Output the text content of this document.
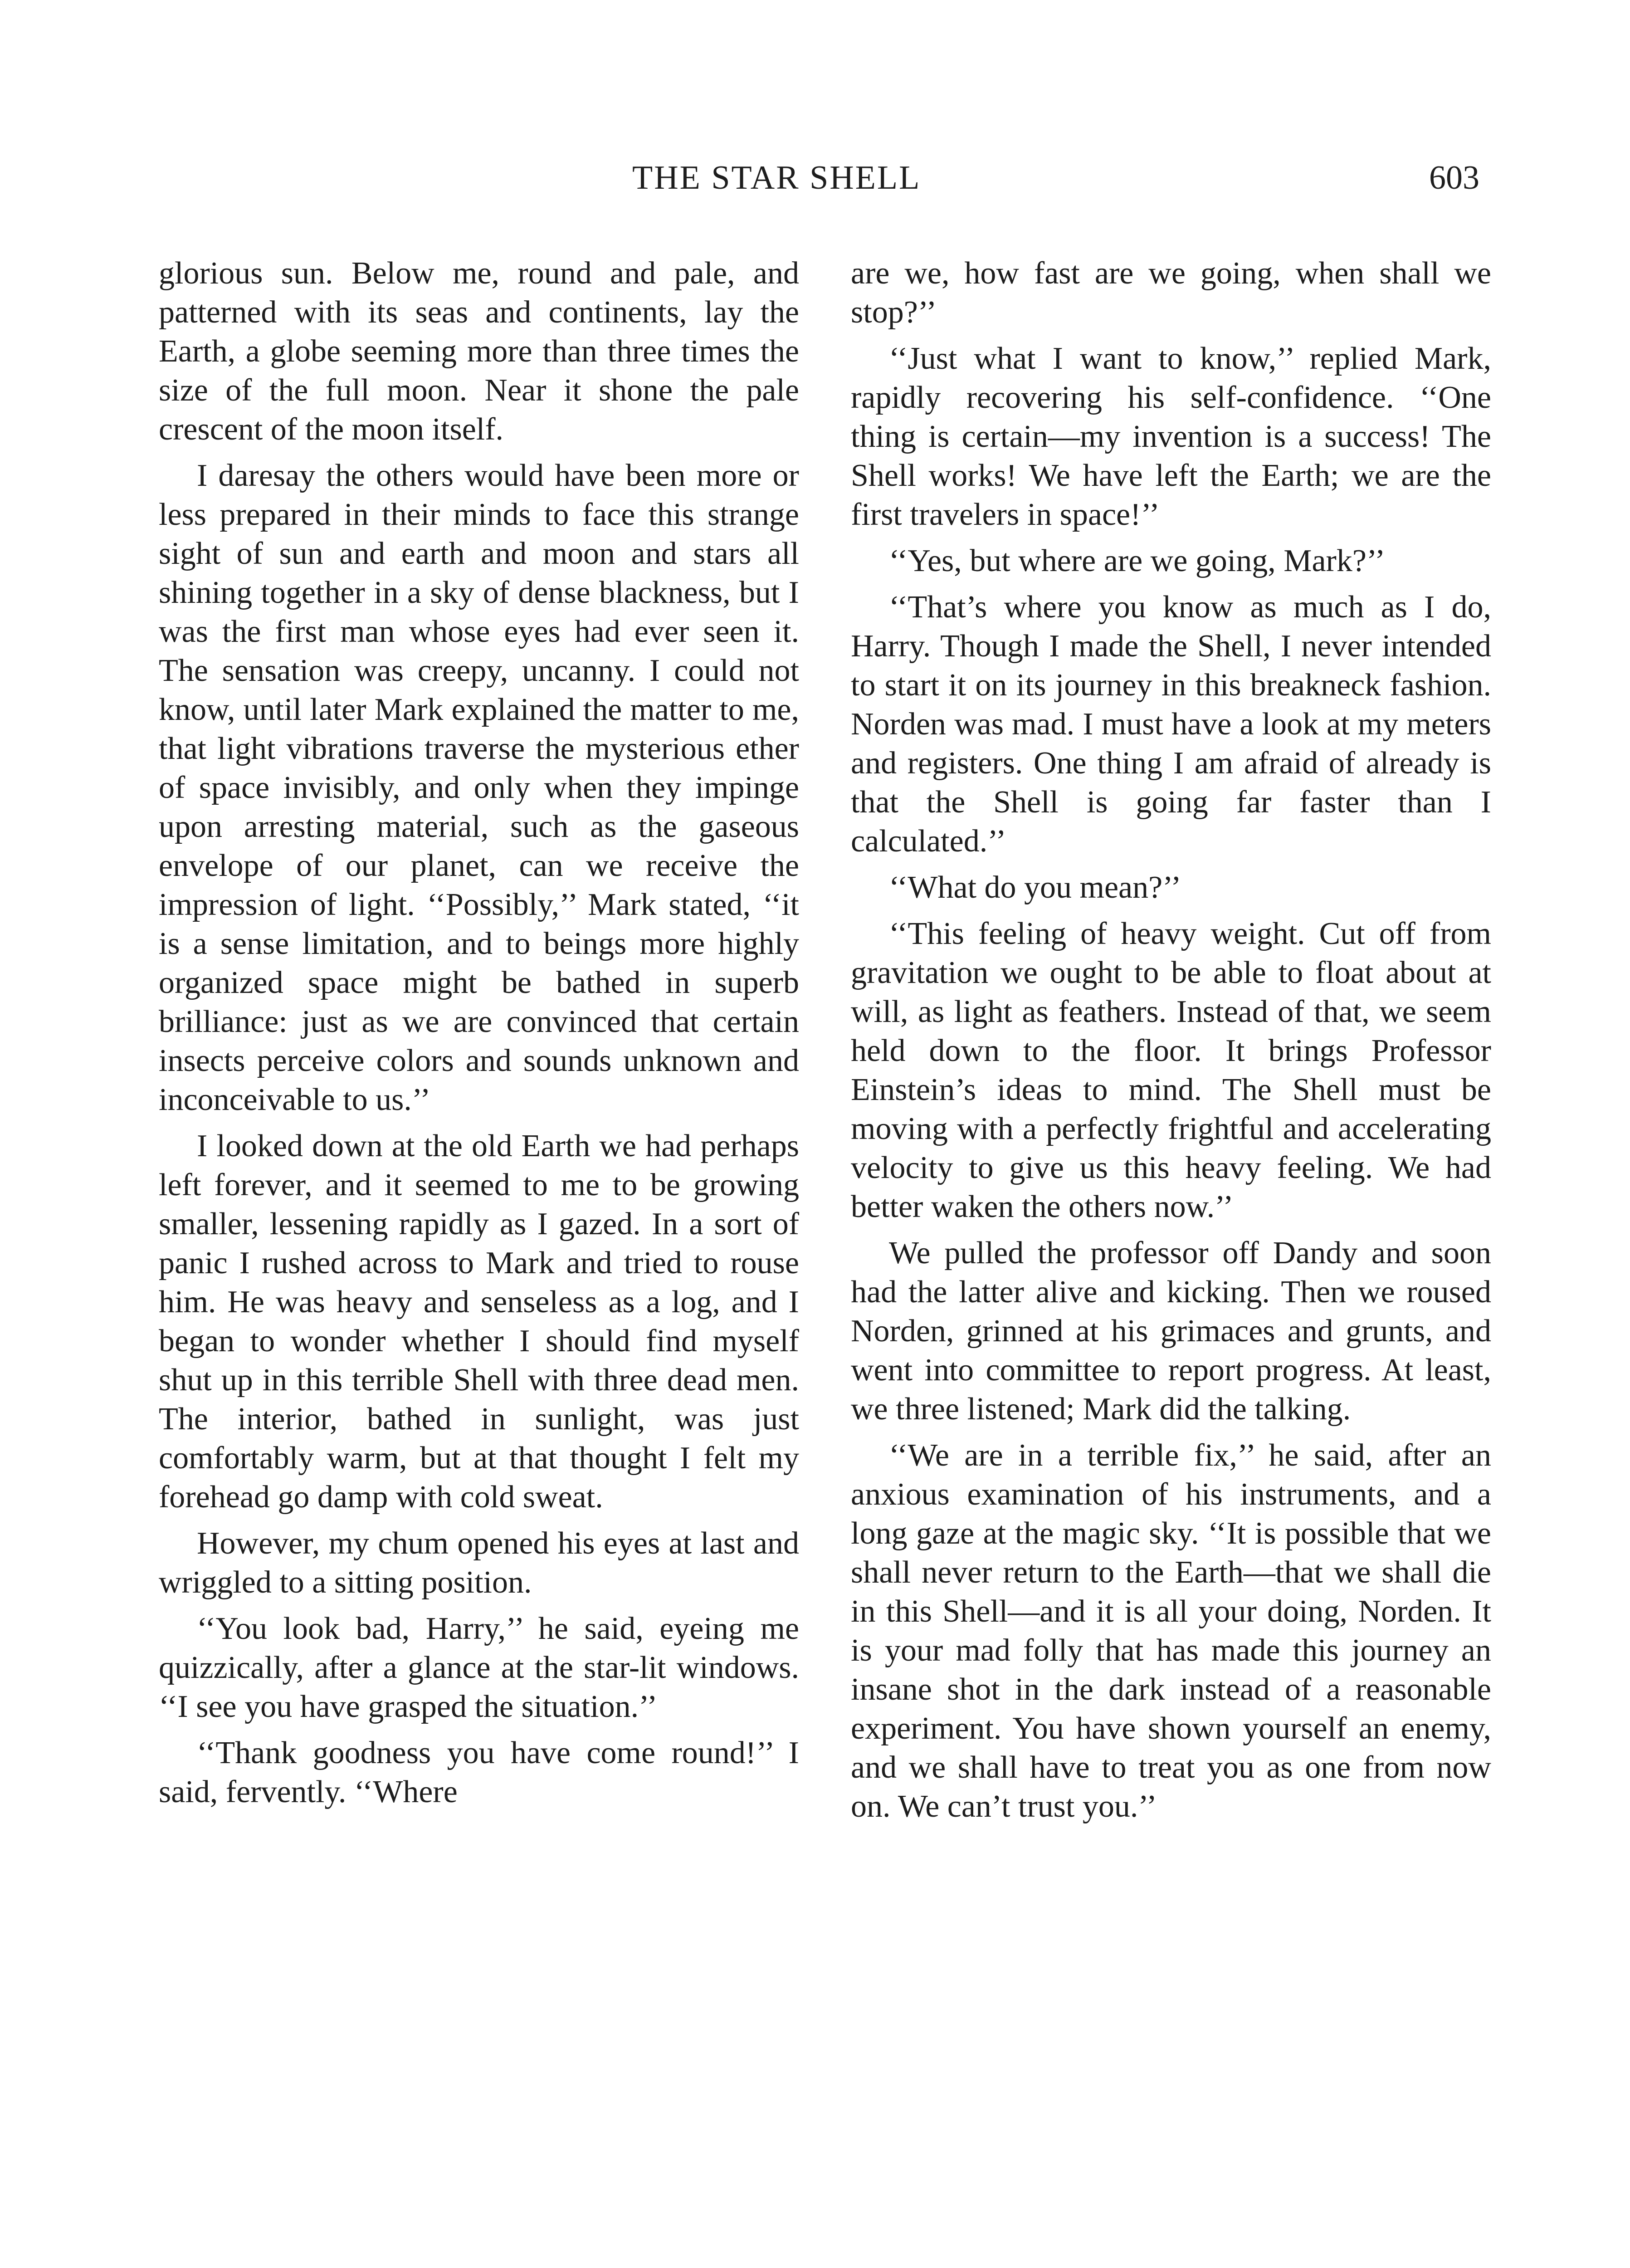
THE STAR SHELL	603

glorious sun. Below me, round and pale, and patterned with its seas and continents, lay the Earth, a globe seeming more than three times the size of the full moon. Near it shone the pale crescent of the moon itself.

I daresay the others would have been more or less prepared in their minds to face this strange sight of sun and earth and moon and stars all shining together in a sky of dense blackness, but I was the first man whose eyes had ever seen it. The sensation was creepy, uncanny. I could not know, until later Mark explained the matter to me, that light vibrations traverse the mysterious ether of space invisibly, and only when they impinge upon arresting material, such as the gaseous envelope of our planet, can we receive the impression of light. ‘‘Possibly,’’ Mark stated, ‘‘it is a sense limitation, and to beings more highly organized space might be bathed in superb brilliance: just as we are convinced that certain insects perceive colors and sounds unknown and inconceivable to us.’’

I looked down at the old Earth we had perhaps left forever, and it seemed to me to be growing smaller, lessening rapidly as I gazed. In a sort of panic I rushed across to Mark and tried to rouse him. He was heavy and senseless as a log, and I began to wonder whether I should find myself shut up in this terrible Shell with three dead men. The interior, bathed in sunlight, was just comfortably warm, but at that thought I felt my forehead go damp with cold sweat.

However, my chum opened his eyes at last and wriggled to a sitting position.

‘‘You look bad, Harry,’’ he said, eyeing me quizzically, after a glance at the star-lit windows. ‘‘I see you have grasped the situation.’’

‘‘Thank goodness you have come round!’’ I said, fervently. ‘‘Where

are we, how fast are we going, when shall we stop?’’

‘‘Just what I want to know,’’ replied Mark, rapidly recovering his self-confidence. ‘‘One thing is certain—my invention is a success! The Shell works! We have left the Earth; we are the first travelers in space!’’

‘‘Yes, but where are we going, Mark?’’

‘‘That’s where you know as much as I do, Harry. Though I made the Shell, I never intended to start it on its journey in this breakneck fashion. Norden was mad. I must have a look at my meters and registers. One thing I am afraid of already is that the Shell is going far faster than I calculated.’’

‘‘What do you mean?’’

‘‘This feeling of heavy weight. Cut off from gravitation we ought to be able to float about at will, as light as feathers. Instead of that, we seem held down to the floor. It brings Professor Einstein’s ideas to mind. The Shell must be moving with a perfectly frightful and accelerating velocity to give us this heavy feeling. We had better waken the others now.’’

We pulled the professor off Dandy and soon had the latter alive and kicking. Then we roused Norden, grinned at his grimaces and grunts, and went into committee to report progress. At least, we three listened; Mark did the talking.

‘‘We are in a terrible fix,’’ he said, after an anxious examination of his instruments, and a long gaze at the magic sky. ‘‘It is possible that we shall never return to the Earth—that we shall die in this Shell—and it is all your doing, Norden. It is your mad folly that has made this journey an insane shot in the dark instead of a reasonable experiment. You have shown yourself an enemy, and we shall have to treat you as one from now on. We can’t trust you.’’
